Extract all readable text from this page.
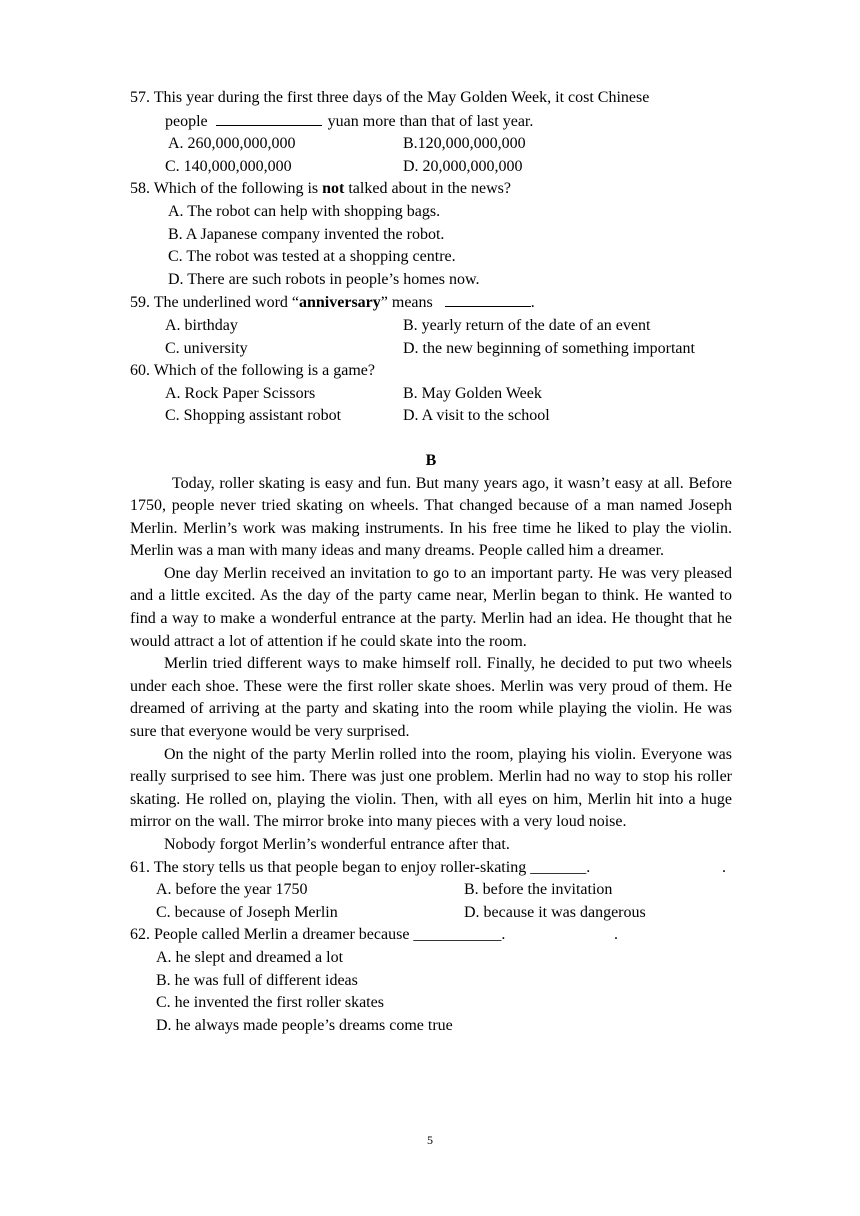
57. This year during the first three days of the May Golden Week, it cost Chinese
people	yuan more than that of last year.
A. 260,000,000,000	B.120,000,000,000
C. 140,000,000,000	D. 20,000,000,000
58. Which of the following is not talked about in the news?
A. The robot can help with shopping bags.
B. A Japanese company invented the robot.
C. The robot was tested at a shopping centre.
D. There are such robots in people’s homes now.
59. The underlined word “anniversary” means	.
A. birthday	B. yearly return of the date of an event
C. university	D. the new beginning of something important
60. Which of the following is a game?
A. Rock Paper Scissors	B. May Golden Week
C. Shopping assistant robot	D. A visit to the school
B

Today, roller skating is easy and fun. But many years ago, it wasn’t easy at all. Before 1750, people never tried skating on wheels. That changed because of a man named Joseph Merlin. Merlin’s work was making instruments. In his free time he liked to play the violin. Merlin was a man with many ideas and many dreams. People called him a dreamer.

One day Merlin received an invitation to go to an important party. He was very pleased and a little excited. As the day of the party came near, Merlin began to think. He wanted to find a way to make a wonderful entrance at the party. Merlin had an idea. He thought that he would attract a lot of attention if he could skate into the room.

Merlin tried different ways to make himself roll. Finally, he decided to put two wheels under each shoe. These were the first roller skate shoes. Merlin was very proud of them. He dreamed of arriving at the party and skating into the room while playing the violin. He was sure that everyone would be very surprised.

On the night of the party Merlin rolled into the room, playing his violin. Everyone was really surprised to see him. There was just one problem. Merlin had no way to stop his roller skating. He rolled on, playing the violin. Then, with all eyes on him, Merlin hit into a huge mirror on the wall. The mirror broke into many pieces with a very loud noise.

Nobody forgot Merlin’s wonderful entrance after that.

61. The story tells us that people began to enjoy roller-skating _______.	.
A. before the year 1750	B. before the invitation
C. because of Joseph Merlin	D. because it was dangerous
62. People called Merlin a dreamer because ___________.	.
A. he slept and dreamed a lot
B. he was full of different ideas
C. he invented the first roller skates
D. he always made people’s dreams come true
5
